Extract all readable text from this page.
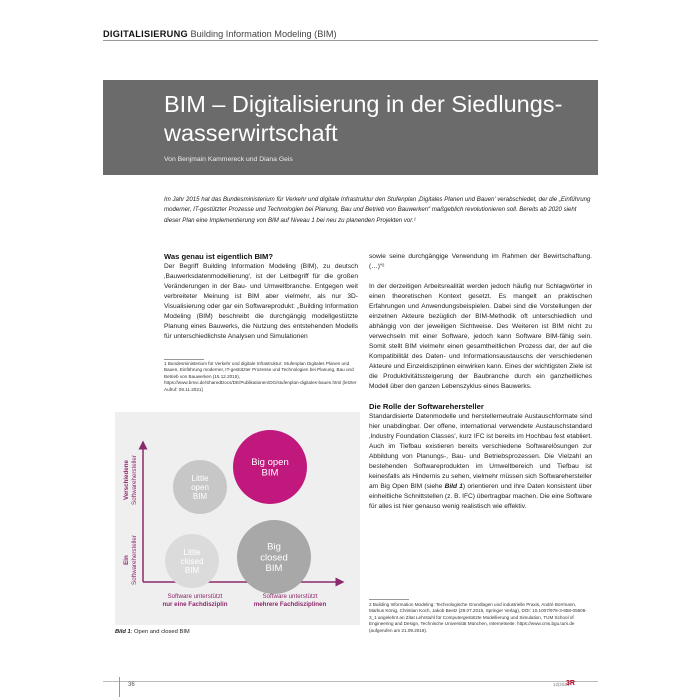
DIGITALISIERUNG Building Information Modeling (BIM)
BIM – Digitalisierung in der Siedlungswasserwirtschaft
Von Benjmain Kammereck und Diana Geis
Im Jahr 2015 hat das Bundesministerium für Verkehr und digitale Infrastruktur den Stufenplan ‚Digitales Planen und Bauen' verabschiedet, der die „Einführung moderner, IT-gestützter Prozesse und Technologien bei Planung, Bau und Betrieb von Bauwerken“ maßgeblich revolutionieren soll. Bereits ab 2020 sieht dieser Plan eine Implementierung von BIM auf Niveau 1 bei neu zu planenden Projekten vor.¹
Was genau ist eigentlich BIM?

Der Begriff Building Information Modeling (BIM), zu deutsch ‚Bauwerksdatenmodellierung', ist der Leitbegriff für die großen Veränderungen in der Bau- und Umweltbranche. Entgegen weit verbreiteter Meinung ist BIM aber vielmehr, als nur 3D-Visualisierung oder gar ein Softwareprodukt: „Building Information Modeling (BIM) beschreibt die durchgängig modellgestützte Planung eines Bauwerks, die Nutzung des entstehenden Modells für unterschiedlichste Analysen und Simulationen

1 Bundesministerium für Verkehr und digitale Infrastruktur: Stufenplan Digitales Planen und Bauen, Einführung moderner, IT-gestützter Prozesse und Technologien bei Planung, Bau und Betrieb von Bauwerken (15.12.2015), https://www.bmvi.de/SharedDocs/DE/Publikationen/DG/stufenplan-digitales-bauen.html (letzter Aufruf: 09.11.2021)
Big open
BIM
Little
open
BIM
Little
closed
BIM
Big
closed
BIM
Ein Softwarehersteller
Verschiedene Softwarehersteller
Software unterstützt
nur eine Fachdisziplin
Software unterstützt
mehrere Fachdisziplinen
Bild 1: Open and closed BIM

sowie seine durchgängige Verwendung im Rahmen der Bewirtschaftung. (…)“²

In der derzeitigen Arbeitsrealität werden jedoch häufig nur Schlagwörter in einen theoretischen Kontext gesetzt. Es mangelt an praktischen Erfahrungen und Anwendungsbeispielen. Dabei sind die Vorstellungen der einzelnen Akteure bezüglich der BIM-Methodik oft unterschiedlich und abhängig von der jeweiligen Sichtweise. Des Weiteren ist BIM nicht zu verwechseln mit einer Software, jedoch kann Software BIM-fähig sein. Somit stellt BIM vielmehr einen gesamtheitlichen Prozess dar, der auf die Kompatibilität des Daten- und Informationsaustauschs der verschiedenen Akteure und Einzeldisziplinen einwirken kann. Eines der wichtigsten Ziele ist die Produktivitätssteigerung der Baubranche durch ein ganzheitliches Modell über den ganzen Lebenszyklus eines Bauwerks.

Die Rolle der Softwarehersteller

Standardisierte Datenmodelle und herstellerneutrale Austauschformate sind hier unabdingbar. Der offene, international verwendete Austauschstandard ‚Industry Foundation Classes', kurz IFC ist bereits im Hochbau fest etabliert. Auch im Tiefbau existieren bereits verschiedene Softwarelösungen zur Abbildung von Planungs-, Bau- und Betriebsprozessen. Die Vielzahl an bestehenden Softwareprodukten im Umweltbereich und Tiefbau ist keinesfalls als Hindernis zu sehen, vielmehr müssen sich Softwarehersteller am Big Open BIM (siehe Bild 1) orientieren und ihre Daten konsistent über einheitliche Schnittstellen (z. B. IFC) übertragbar machen. Die eine Software für alles ist hier genauso wenig realistisch wie effektiv.

2 Building Information Modeling: Technologische Grundlagen und industrielle Praxis, André Borrmann, Markus König, Christian Koch, Jakob Beetz (29.07.2015, Springer Verlag), DOI: 10.1007/978-3-658-05606-3_1 angelehnt an Zitat Lehrstuhl für Computergestützte Modellierung und Simulation, TUM School of Engineering and Design, Technische Universität München, Internetseite: https://www.cms.bgu.tum.de (aufgerufen am 21.09.2018).
36	12|2021
3R
